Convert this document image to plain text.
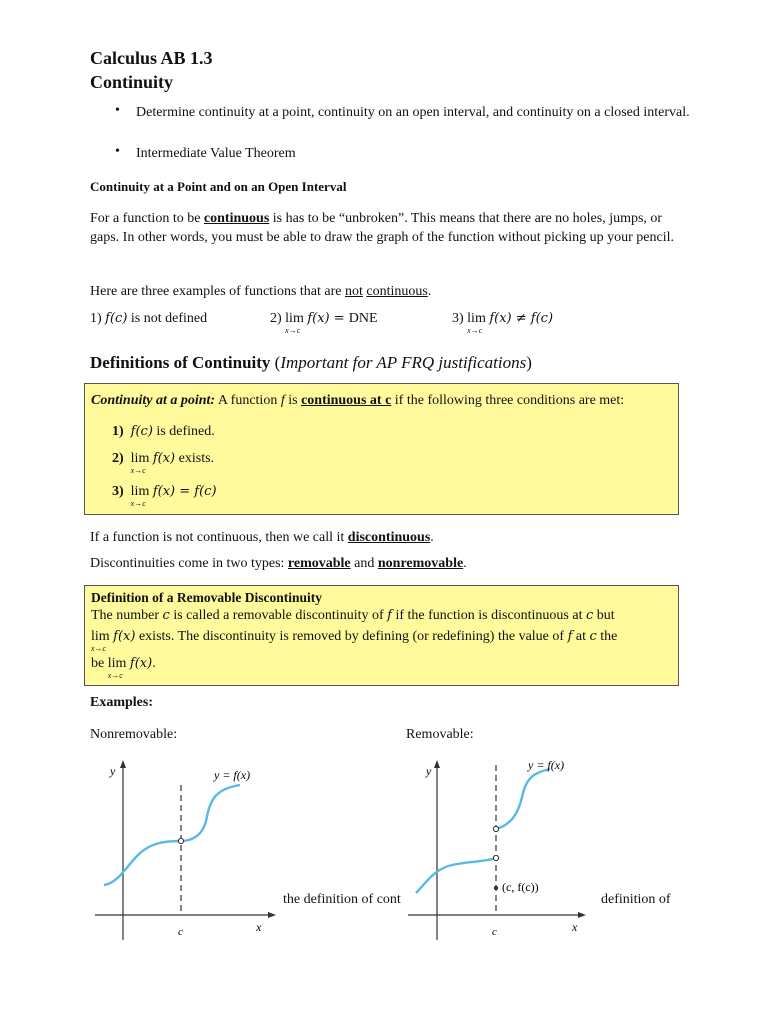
Calculus AB 1.3
Continuity
• Determine continuity at a point, continuity on an open interval, and continuity on a closed interval.
• Intermediate Value Theorem
Continuity at a Point and on an Open Interval
For a function to be continuous is has to be “unbroken”. This means that there are no holes, jumps, or gaps. In other words, you must be able to draw the graph of the function without picking up your pencil.
Here are three examples of functions that are not continuous.
1) f(c) is not defined	2) lim
x→c
f(x) = DNE	3) lim
x→c
f(x) ≠ f(c)
Definitions of Continuity (Important for AP FRQ justifications)
Continuity at a point: A function f is continuous at c if the following three conditions are met:
1) f(c) is defined.
2) lim
x→c
f(x) exists.
3) lim
x→c
f(x) = f(c)
If a function is not continuous, then we call it discontinuous.
Discontinuities come in two types: removable and nonremovable.
Definition of a Removable Discontinuity
The number c is called a removable discontinuity of f if the function is discontinuous at c but
lim
x→c
f(x) exists. The discontinuity is removed by defining (or redefining) the value of f at c the
be lim
x→c
f(x).
Examples:
Nonremovable:	Removable:
y
x
c
y = f(x)
(c, f(c))
y
x
c
y = f(x)
the definition of cont	definition of
